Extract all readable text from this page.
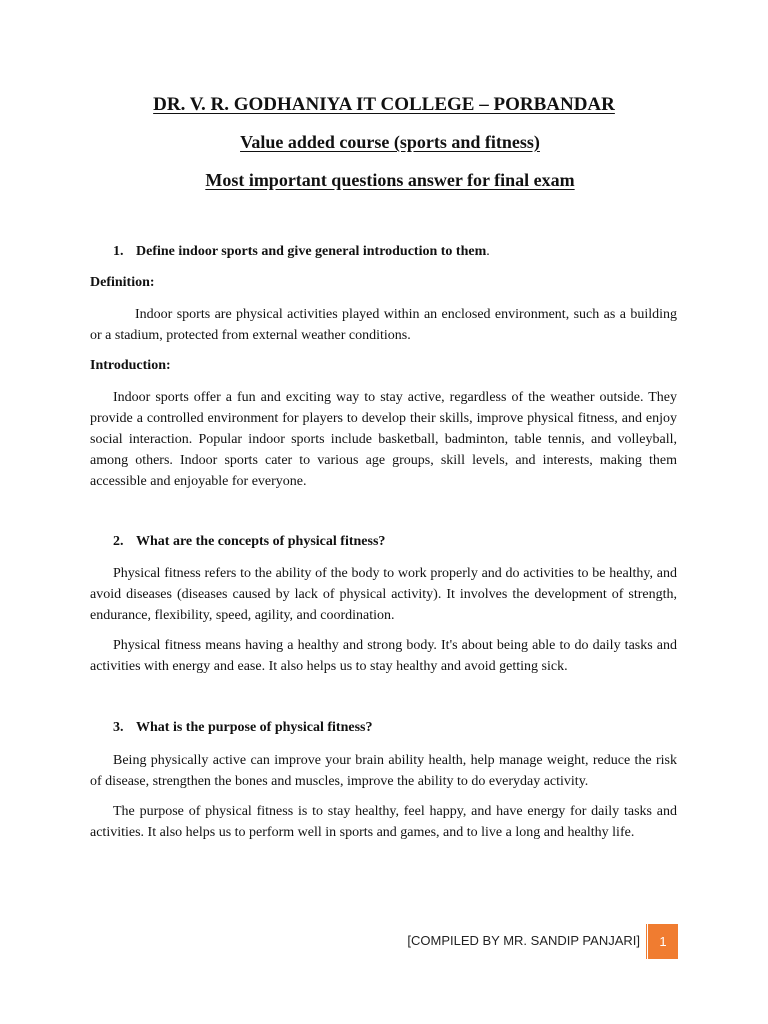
DR. V. R. GODHANIYA IT COLLEGE – PORBANDAR
Value added course (sports and fitness)
Most important questions answer for final exam

1. Define indoor sports and give general introduction to them.

Definition:

Indoor sports are physical activities played within an enclosed environment, such as a building or a stadium, protected from external weather conditions.

Introduction:

Indoor sports offer a fun and exciting way to stay active, regardless of the weather outside. They provide a controlled environment for players to develop their skills, improve physical fitness, and enjoy social interaction. Popular indoor sports include basketball, badminton, table tennis, and volleyball, among others. Indoor sports cater to various age groups, skill levels, and interests, making them accessible and enjoyable for everyone.

2. What are the concepts of physical fitness?

Physical fitness refers to the ability of the body to work properly and do activities to be healthy, and avoid diseases (diseases caused by lack of physical activity). It involves the development of strength, endurance, flexibility, speed, agility, and coordination.

Physical fitness means having a healthy and strong body. It's about being able to do daily tasks and activities with energy and ease. It also helps us to stay healthy and avoid getting sick.

3. What is the purpose of physical fitness?

Being physically active can improve your brain ability health, help manage weight, reduce the risk of disease, strengthen the bones and muscles, improve the ability to do everyday activity.

The purpose of physical fitness is to stay healthy, feel happy, and have energy for daily tasks and activities. It also helps us to perform well in sports and games, and to live a long and healthy life.

[COMPILED BY MR. SANDIP PANJARI] 1
